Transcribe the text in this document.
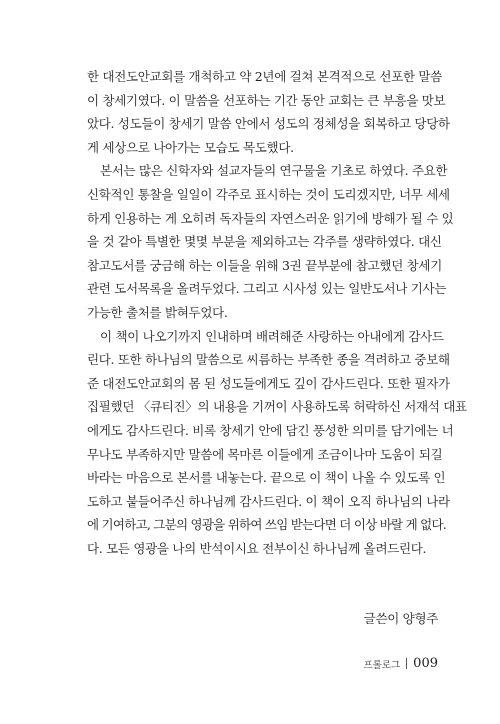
한 대전도안교회를 개척하고 약 2년에 걸쳐 본격적으로 선포한 말씀
이 창세기였다. 이 말씀을 선포하는 기간 동안 교회는 큰 부흥을 맛보
았다. 성도들이 창세기 말씀 안에서 성도의 정체성을 회복하고 당당하
게 세상으로 나아가는 모습도 목도했다.
본서는 많은 신학자와 설교자들의 연구물을 기초로 하였다. 주요한
신학적인 통찰을 일일이 각주로 표시하는 것이 도리겠지만, 너무 세세
하게 인용하는 게 오히려 독자들의 자연스러운 읽기에 방해가 될 수 있
을 것 같아 특별한 몇몇 부분을 제외하고는 각주를 생략하였다. 대신
참고도서를 궁금해 하는 이들을 위해 3권 끝부분에 참고했던 창세기
관련 도서목록을 올려두었다. 그리고 시사성 있는 일반도서나 기사는
가능한 출처를 밝혀두었다.
이 책이 나오기까지 인내하며 배려해준 사랑하는 아내에게 감사드
린다. 또한 하나님의 말씀으로 씨름하는 부족한 종을 격려하고 중보해
준 대전도안교회의 몸 된 성도들에게도 깊이 감사드린다. 또한 필자가
집필했던 〈큐티진〉의 내용을 기꺼이 사용하도록 허락하신 서재석 대표
에게도 감사드린다. 비록 창세기 안에 담긴 풍성한 의미를 담기에는 너
무나도 부족하지만 말씀에 목마른 이들에게 조금이나마 도움이 되길
바라는 마음으로 본서를 내놓는다. 끝으로 이 책이 나올 수 있도록 인
도하고 붙들어주신 하나님께 감사드린다. 이 책이 오직 하나님의 나라
에 기여하고, 그분의 영광을 위하여 쓰임 받는다면 더 이상 바랄 게 없다.
다. 모든 영광을 나의 반석이시요 전부이신 하나님께 올려드린다.
글쓴이 양형주
프롤로그 009
